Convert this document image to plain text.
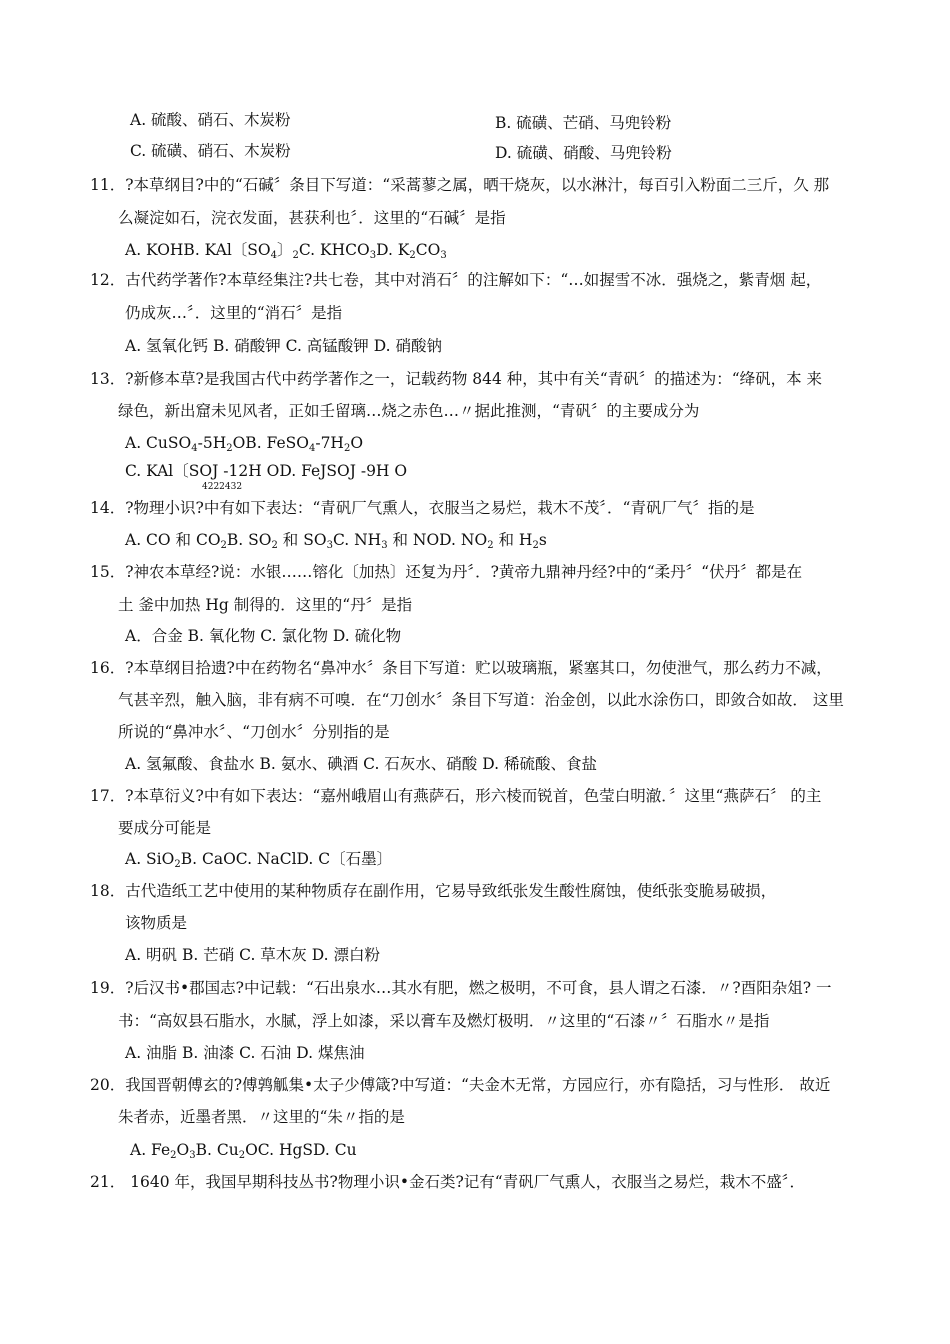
A. 硫酸、硝石、木炭粉	B. 硫磺、芒硝、马兜铃粉
C. 硫磺、硝石、木炭粉	D. 硫磺、硝酸、马兜铃粉
11．?本草纲目?中的“石碱〞条目下写道：“采蒿蓼之属，晒干烧灰，以水淋汁，每百引入粉面二三斤，久 那
么凝淀如石，浣衣发面，甚获利也〞．这里的“石碱〞是指
A. KOHB. KAl〔SO4〕2C. KHCO3D. K2CO3
12．古代药学著作?本草经集注?共七卷，其中对消石〞的注解如下：“…如握雪不冰．强烧之，紫青烟 起，
仍成灰…〞．这里的“消石〞是指
A. 氢氧化钙 B. 硝酸钾 C. 高锰酸钾 D. 硝酸钠
13．?新修本草?是我国古代中药学著作之一，记载药物 844 种，其中有关“青矾〞的描述为：“绛矾，本 来
绿色，新出窟未见风者，正如壬留璃…烧之赤色…〃据此推测，“青矾〞的主要成分为
A. CuSO4-5H2OB. FeSO4-7H2O
C. KAl〔SOJ -12H OD. FeJSOJ -9H O
4222432
14．?物理小识?中有如下表达：“青矾厂气熏人，衣服当之易烂，栽木不茂〞．“青矾厂气〞指的是
A. CO 和 CO2B. SO2 和 SO3C. NH3 和 NOD. NO2 和 H2s
15．?神农本草经?说：水银……镕化〔加热〕还复为丹〞．?黄帝九鼎神丹经?中的“柔丹〞“伏丹〞都是在
土 釜中加热 Hg 制得的．这里的“丹〞是指
A．合金 B. 氧化物 C. 氯化物 D. 硫化物
16．?本草纲目拾遗?中在药物名“鼻冲水〞条目下写道：贮以玻璃瓶，紧塞其口，勿使泄气，那么药力不减，
气甚辛烈，触入脑，非有病不可嗅．在“刀创水〞条目下写道：治金创，以此水涂伤口，即敛合如故． 这里
所说的“鼻冲水〞、“刀创水〞分别指的是
A. 氢氟酸、食盐水 B. 氨水、碘酒 C. 石灰水、硝酸 D. 稀硫酸、食盐
17．?本草衍义?中有如下表达：“嘉州峨眉山有燕萨石，形六棱而锐首，色莹白明澈．〞这里“燕萨石〞 的主
要成分可能是
A. SiO2B. CaOC. NaClD. C〔石墨〕
18．古代造纸工艺中使用的某种物质存在副作用，它易导致纸张发生酸性腐蚀，使纸张变脆易破损，
该物质是
A. 明矾 B. 芒硝 C. 草木灰 D. 漂白粉
19．?后汉书•郡国志?中记载：“石出泉水…其水有肥，燃之极明，不可食，县人谓之石漆．〃?酉阳杂俎? 一
书：“高奴县石脂水，水腻，浮上如漆，采以膏车及燃灯极明．〃这里的“石漆〃〞石脂水〃是指
A. 油脂 B. 油漆 C. 石油 D. 煤焦油
20．我国晋朝傅玄的?傅鹑觚集•太子少傅箴?中写道：“夫金木无常，方园应行，亦有隐括，习与性形． 故近
朱者赤，近墨者黑．〃这里的“朱〃指的是
A. Fe2O3B. Cu2OC. HgSD. Cu
21． 1640 年，我国早期科技丛书?物理小识•金石类?记有“青矾厂气熏人，衣服当之易烂，栽木不盛〞．
